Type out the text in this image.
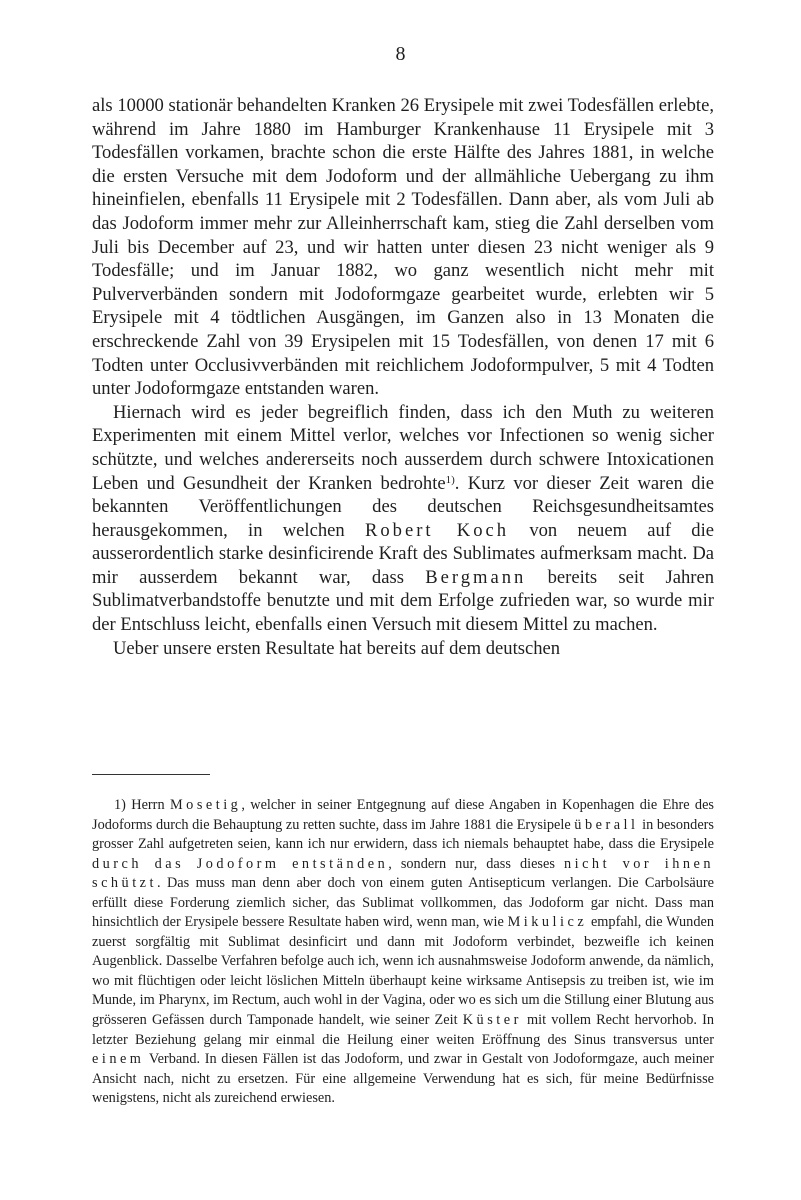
8

als 10000 stationär behandelten Kranken 26 Erysipele mit zwei Todesfällen erlebte, während im Jahre 1880 im Hamburger Krankenhause 11 Erysipele mit 3 Todesfällen vorkamen, brachte schon die erste Hälfte des Jahres 1881, in welche die ersten Versuche mit dem Jodoform und der allmähliche Uebergang zu ihm hineinfielen, ebenfalls 11 Erysipele mit 2 Todesfällen. Dann aber, als vom Juli ab das Jodoform immer mehr zur Alleinherrschaft kam, stieg die Zahl derselben vom Juli bis December auf 23, und wir hatten unter diesen 23 nicht weniger als 9 Todesfälle; und im Januar 1882, wo ganz wesentlich nicht mehr mit Pulververbänden sondern mit Jodoformgaze gearbeitet wurde, erlebten wir 5 Erysipele mit 4 tödtlichen Ausgängen, im Ganzen also in 13 Monaten die erschreckende Zahl von 39 Erysipelen mit 15 Todesfällen, von denen 17 mit 6 Todten unter Occlusivverbänden mit reichlichem Jodoformpulver, 5 mit 4 Todten unter Jodoformgaze entstanden waren.

Hiernach wird es jeder begreiflich finden, dass ich den Muth zu weiteren Experimenten mit einem Mittel verlor, welches vor Infectionen so wenig sicher schützte, und welches andererseits noch ausserdem durch schwere Intoxicationen Leben und Gesundheit der Kranken bedrohte$^{1)}$. Kurz vor dieser Zeit waren die bekannten Veröffentlichungen des deutschen Reichsgesundheitsamtes herausgekommen, in welchen Robert Koch von neuem auf die ausserordentlich starke desinficirende Kraft des Sublimates aufmerksam macht. Da mir ausserdem bekannt war, dass Bergmann bereits seit Jahren Sublimatverbandstoffe benutzte und mit dem Erfolge zufrieden war, so wurde mir der Entschluss leicht, ebenfalls einen Versuch mit diesem Mittel zu machen.

Ueber unsere ersten Resultate hat bereits auf dem deutschen

1) Herrn Mosetig, welcher in seiner Entgegnung auf diese Angaben in Kopenhagen die Ehre des Jodoforms durch die Behauptung zu retten suchte, dass im Jahre 1881 die Erysipele überall in besonders grosser Zahl aufgetreten seien, kann ich nur erwidern, dass ich niemals behauptet habe, dass die Erysipele durch das Jodoform entständen, sondern nur, dass dieses nicht vor ihnen schützt. Das muss man denn aber doch von einem guten Antisepticum verlangen. Die Carbolsäure erfüllt diese Forderung ziemlich sicher, das Sublimat vollkommen, das Jodoform gar nicht. Dass man hinsichtlich der Erysipele bessere Resultate haben wird, wenn man, wie Mikulicz empfahl, die Wunden zuerst sorgfältig mit Sublimat desinficirt und dann mit Jodoform verbindet, bezweifle ich keinen Augenblick. Dasselbe Verfahren befolge auch ich, wenn ich ausnahmsweise Jodoform anwende, da nämlich, wo mit flüchtigen oder leicht löslichen Mitteln überhaupt keine wirksame Antisepsis zu treiben ist, wie im Munde, im Pharynx, im Rectum, auch wohl in der Vagina, oder wo es sich um die Stillung einer Blutung aus grösseren Gefässen durch Tamponade handelt, wie seiner Zeit Küster mit vollem Recht hervorhob. In letzter Beziehung gelang mir einmal die Heilung einer weiten Eröffnung des Sinus transversus unter einem Verband. In diesen Fällen ist das Jodoform, und zwar in Gestalt von Jodoformgaze, auch meiner Ansicht nach, nicht zu ersetzen. Für eine allgemeine Verwendung hat es sich, für meine Bedürfnisse wenigstens, nicht als zureichend erwiesen.
